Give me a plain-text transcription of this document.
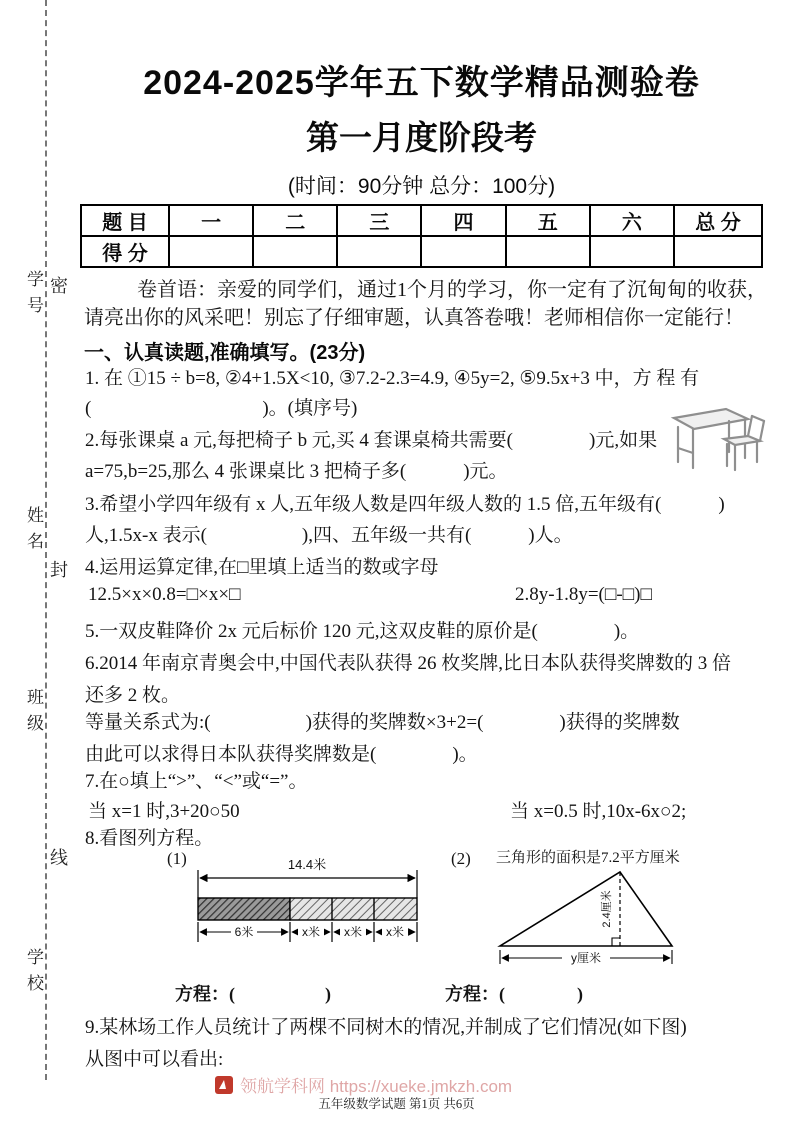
学号 密
姓名
封
班级
线
学校
2024-2025学年五下数学精品测验卷
第一月度阶段考
(时间：90分钟 总分：100分)
题 目	一	二	三	四	五	六	总 分
得 分							
卷首语：亲爱的同学们，通过1个月的学习，你一定有了沉甸甸的收获，
请亮出你的风采吧！别忘了仔细审题，认真答卷哦！老师相信你一定能行！
一、认真读题,准确填写。(23分)
1. 在 ①15 ÷ b=8, ②4+1.5X<10, ③7.2-2.3=4.9, ④5y=2, ⑤9.5x+3 中，方 程 有
(　　　　　　　　　)。(填序号)
2.每张课桌 a 元,每把椅子 b 元,买 4 套课桌椅共需要(　　　　)元,如果
a=75,b=25,那么 4 张课桌比 3 把椅子多(　　　)元。
3.希望小学四年级有 x 人,五年级人数是四年级人数的 1.5 倍,五年级有(　　　)
人,1.5x-x 表示(　　　　　),四、五年级一共有(　　　)人。
4.运用运算定律,在□里填上适当的数或字母
12.5×x×0.8=□×x×□	2.8y-1.8y=(□-□)□
5.一双皮鞋降价 2x 元后标价 120 元,这双皮鞋的原价是(　　　　)。
6.2014 年南京青奥会中,中国代表队获得 26 枚奖牌,比日本队获得奖牌数的 3 倍
还多 2 枚。
等量关系式为:(　　　　　)获得的奖牌数×3+2=(　　　　)获得的奖牌数
由此可以求得日本队获得奖牌数是(　　　　)。
7.在○填上“>”、“<”或“=”。
当 x=1 时,3+20○50	当 x=0.5 时,10x-6x○2;
8.看图列方程。
(1)	(2) 三角形的面积是7.2平方厘米
14.4米
6米	x米 x米 x米
2.4厘米
y厘米
方程：(　　　　　)	方程：(　　　　)
9.某林场工作人员统计了两棵不同树木的情况,并制成了它们情况(如下图)
从图中可以看出:
领航学科网 https://xueke.jmkzh.com
五年级数学试题 第1页 共6页
